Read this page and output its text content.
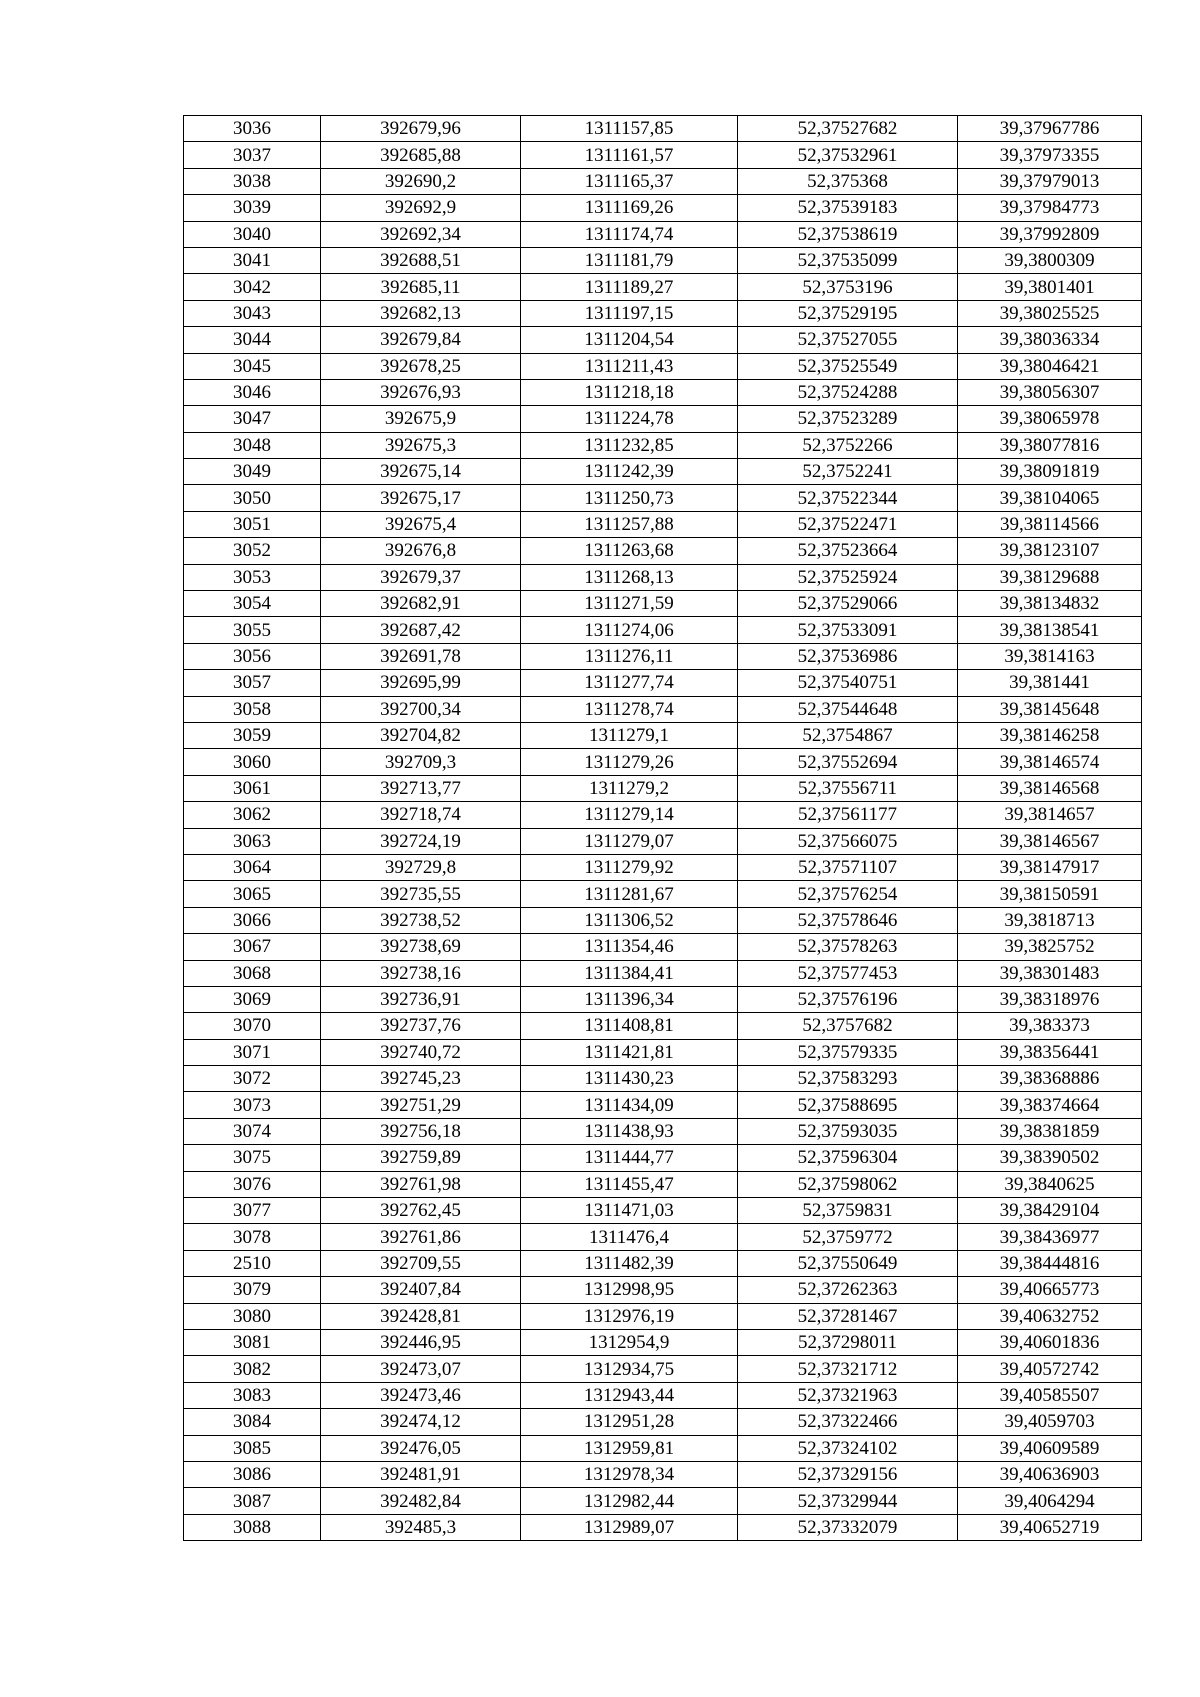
3036	392679,96	1311157,85	52,37527682	39,37967786
3037	392685,88	1311161,57	52,37532961	39,37973355
3038	392690,2	1311165,37	52,375368	39,37979013
3039	392692,9	1311169,26	52,37539183	39,37984773
3040	392692,34	1311174,74	52,37538619	39,37992809
3041	392688,51	1311181,79	52,37535099	39,3800309
3042	392685,11	1311189,27	52,3753196	39,3801401
3043	392682,13	1311197,15	52,37529195	39,38025525
3044	392679,84	1311204,54	52,37527055	39,38036334
3045	392678,25	1311211,43	52,37525549	39,38046421
3046	392676,93	1311218,18	52,37524288	39,38056307
3047	392675,9	1311224,78	52,37523289	39,38065978
3048	392675,3	1311232,85	52,3752266	39,38077816
3049	392675,14	1311242,39	52,3752241	39,38091819
3050	392675,17	1311250,73	52,37522344	39,38104065
3051	392675,4	1311257,88	52,37522471	39,38114566
3052	392676,8	1311263,68	52,37523664	39,38123107
3053	392679,37	1311268,13	52,37525924	39,38129688
3054	392682,91	1311271,59	52,37529066	39,38134832
3055	392687,42	1311274,06	52,37533091	39,38138541
3056	392691,78	1311276,11	52,37536986	39,3814163
3057	392695,99	1311277,74	52,37540751	39,381441
3058	392700,34	1311278,74	52,37544648	39,38145648
3059	392704,82	1311279,1	52,3754867	39,38146258
3060	392709,3	1311279,26	52,37552694	39,38146574
3061	392713,77	1311279,2	52,37556711	39,38146568
3062	392718,74	1311279,14	52,37561177	39,3814657
3063	392724,19	1311279,07	52,37566075	39,38146567
3064	392729,8	1311279,92	52,37571107	39,38147917
3065	392735,55	1311281,67	52,37576254	39,38150591
3066	392738,52	1311306,52	52,37578646	39,3818713
3067	392738,69	1311354,46	52,37578263	39,3825752
3068	392738,16	1311384,41	52,37577453	39,38301483
3069	392736,91	1311396,34	52,37576196	39,38318976
3070	392737,76	1311408,81	52,3757682	39,383373
3071	392740,72	1311421,81	52,37579335	39,38356441
3072	392745,23	1311430,23	52,37583293	39,38368886
3073	392751,29	1311434,09	52,37588695	39,38374664
3074	392756,18	1311438,93	52,37593035	39,38381859
3075	392759,89	1311444,77	52,37596304	39,38390502
3076	392761,98	1311455,47	52,37598062	39,3840625
3077	392762,45	1311471,03	52,3759831	39,38429104
3078	392761,86	1311476,4	52,3759772	39,38436977
2510	392709,55	1311482,39	52,37550649	39,38444816
3079	392407,84	1312998,95	52,37262363	39,40665773
3080	392428,81	1312976,19	52,37281467	39,40632752
3081	392446,95	1312954,9	52,37298011	39,40601836
3082	392473,07	1312934,75	52,37321712	39,40572742
3083	392473,46	1312943,44	52,37321963	39,40585507
3084	392474,12	1312951,28	52,37322466	39,4059703
3085	392476,05	1312959,81	52,37324102	39,40609589
3086	392481,91	1312978,34	52,37329156	39,40636903
3087	392482,84	1312982,44	52,37329944	39,4064294
3088	392485,3	1312989,07	52,37332079	39,40652719
